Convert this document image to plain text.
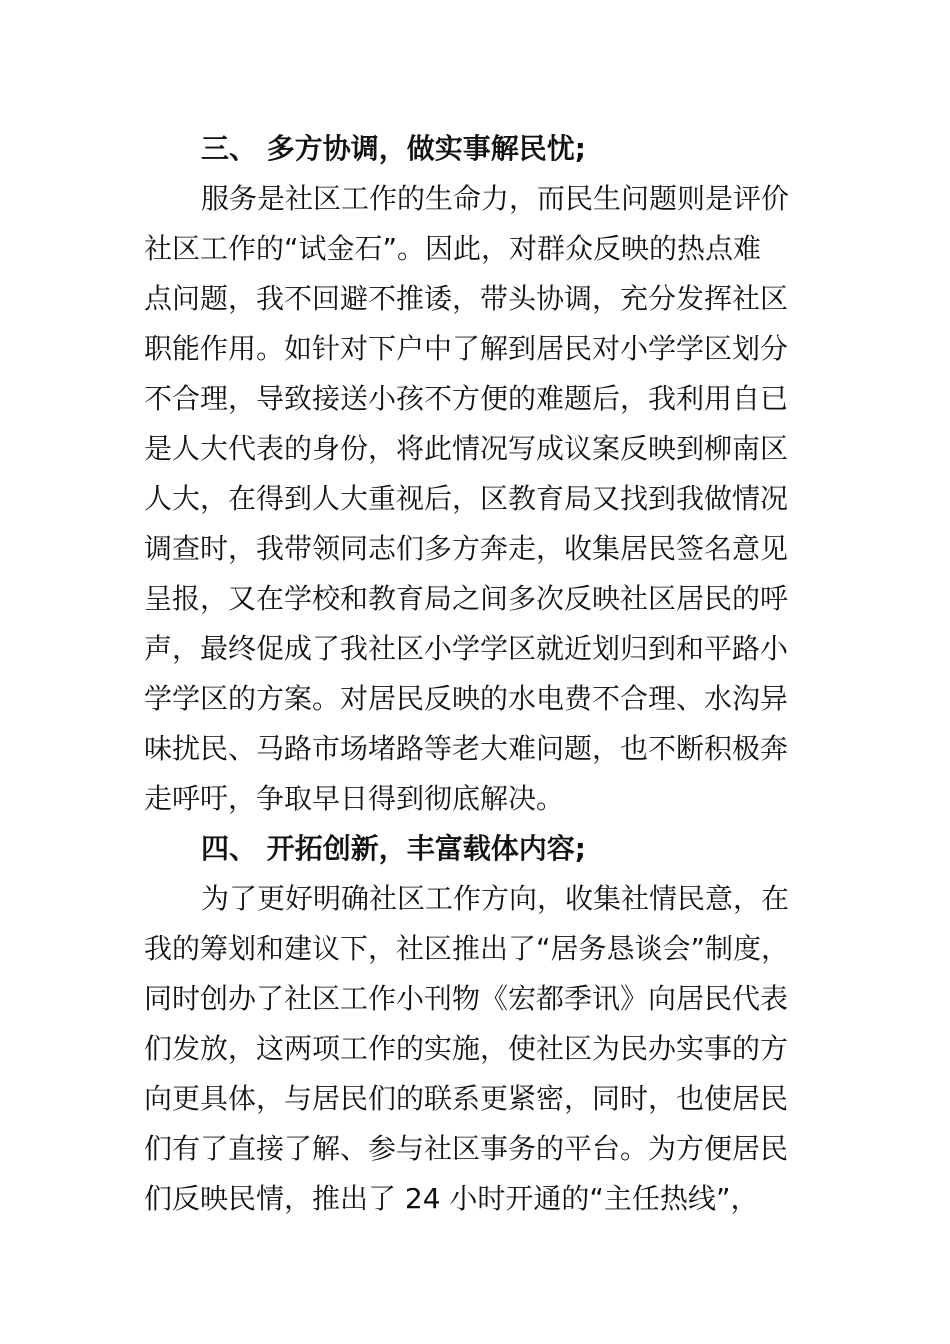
三、 多方协调，做实事解民忧;
服务是社区工作的生命力，而民生问题则是评价
社区工作的“试金石”。因此，对群众反映的热点难
点问题，我不回避不推诿，带头协调，充分发挥社区
职能作用。如针对下户中了解到居民对小学学区划分
不合理，导致接送小孩不方便的难题后，我利用自已
是人大代表的身份，将此情况写成议案反映到柳南区
人大，在得到人大重视后，区教育局又找到我做情况
调查时，我带领同志们多方奔走，收集居民签名意见
呈报，又在学校和教育局之间多次反映社区居民的呼
声，最终促成了我社区小学学区就近划归到和平路小
学学区的方案。对居民反映的水电费不合理、水沟异
味扰民、马路市场堵路等老大难问题，也不断积极奔
走呼吁，争取早日得到彻底解决。
四、 开拓创新，丰富载体内容;
为了更好明确社区工作方向，收集社情民意，在
我的筹划和建议下，社区推出了“居务恳谈会”制度，
同时创办了社区工作小刊物《宏都季讯》向居民代表
们发放，这两项工作的实施，使社区为民办实事的方
向更具体，与居民们的联系更紧密，同时，也使居民
们有了直接了解、参与社区事务的平台。为方便居民
们反映民情，推出了 24 小时开通的“主任热线”，
